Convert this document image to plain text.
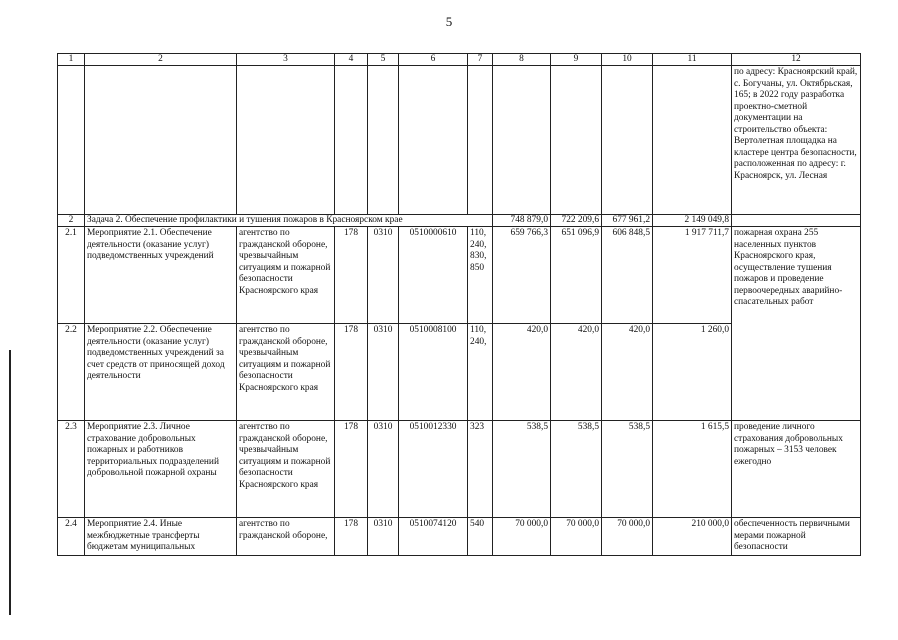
5
1	2	3	4	5	6	7	8	9	10	11	12
											по адресу: Красноярский край, с. Богучаны, ул. Октябрьская, 165; в 2022 году разработка проектно-сметной документации на строительство объекта: Вертолетная площадка на кластере центра безопасности, расположенная по адресу: г. Красноярск, ул. Лесная
2	Задача 2. Обеспечение профилактики и тушения пожаров в Красноярском крае						748 879,0	722 209,6	677 961,2	2 149 049,8	
2.1	Мероприятие 2.1. Обеспечение деятельности (оказание услуг) подведомственных учреждений	агентство по гражданской обороне, чрезвычайным ситуациям и пожарной безопасности Красноярского края	178	0310	0510000610	110, 240, 830, 850	659 766,3	651 096,9	606 848,5	1 917 711,7	пожарная охрана 255 населенных пунктов Красноярского края, осуществление тушения пожаров и проведение первоочередных аварийно-спасательных работ
2.2	Мероприятие 2.2. Обеспечение деятельности (оказание услуг) подведомственных учреждений за счет средств от приносящей доход деятельности	агентство по гражданской обороне, чрезвычайным ситуациям и пожарной безопасности Красноярского края	178	0310	0510008100	110, 240,	420,0	420,0	420,0	1 260,0	
2.3	Мероприятие 2.3. Личное страхование добровольных пожарных и работников территориальных подразделений добровольной пожарной охраны	агентство по гражданской обороне, чрезвычайным ситуациям и пожарной безопасности Красноярского края	178	0310	0510012330	323	538,5	538,5	538,5	1 615,5	проведение личного страхования добровольных пожарных – 3153 человек ежегодно
2.4	Мероприятие 2.4. Иные межбюджетные трансферты бюджетам муниципальных	агентство по гражданской обороне,	178	0310	0510074120	540	70 000,0	70 000,0	70 000,0	210 000,0	обеспеченность первичными мерами пожарной безопасности
